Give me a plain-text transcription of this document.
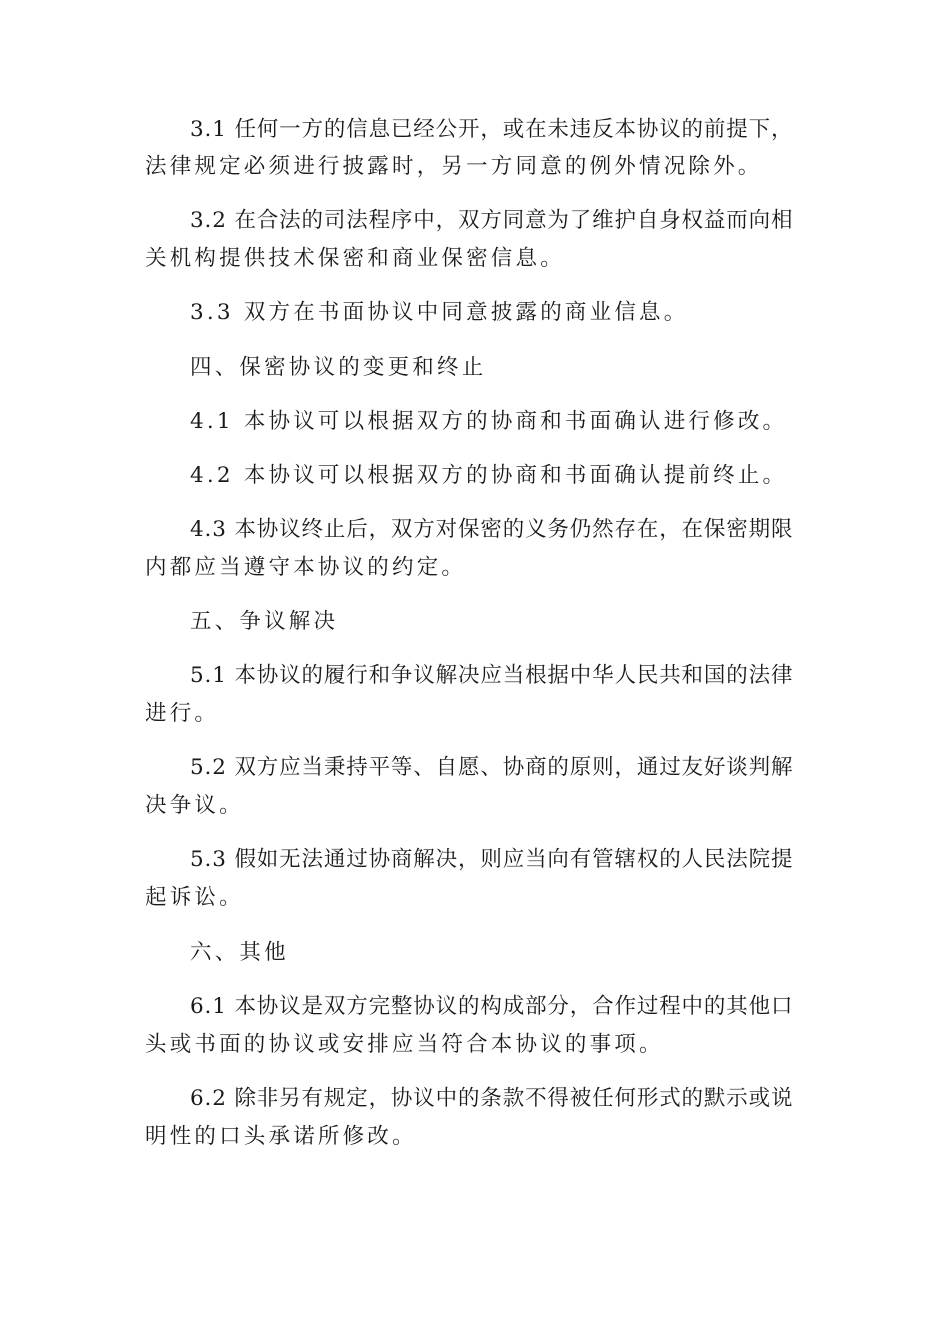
3.1 任何一方的信息已经公开，或在未违反本协议的前提下，
法律规定必须进行披露时，另一方同意的例外情况除外。
3.2 在合法的司法程序中，双方同意为了维护自身权益而向相
关机构提供技术保密和商业保密信息。
3.3 双方在书面协议中同意披露的商业信息。
四、保密协议的变更和终止
4.1 本协议可以根据双方的协商和书面确认进行修改。
4.2 本协议可以根据双方的协商和书面确认提前终止。
4.3 本协议终止后，双方对保密的义务仍然存在，在保密期限
内都应当遵守本协议的约定。
五、争议解决
5.1 本协议的履行和争议解决应当根据中华人民共和国的法律
进行。
5.2 双方应当秉持平等、自愿、协商的原则，通过友好谈判解
决争议。
5.3 假如无法通过协商解决，则应当向有管辖权的人民法院提
起诉讼。
六、其他
6.1 本协议是双方完整协议的构成部分，合作过程中的其他口
头或书面的协议或安排应当符合本协议的事项。
6.2 除非另有规定，协议中的条款不得被任何形式的默示或说
明性的口头承诺所修改。
